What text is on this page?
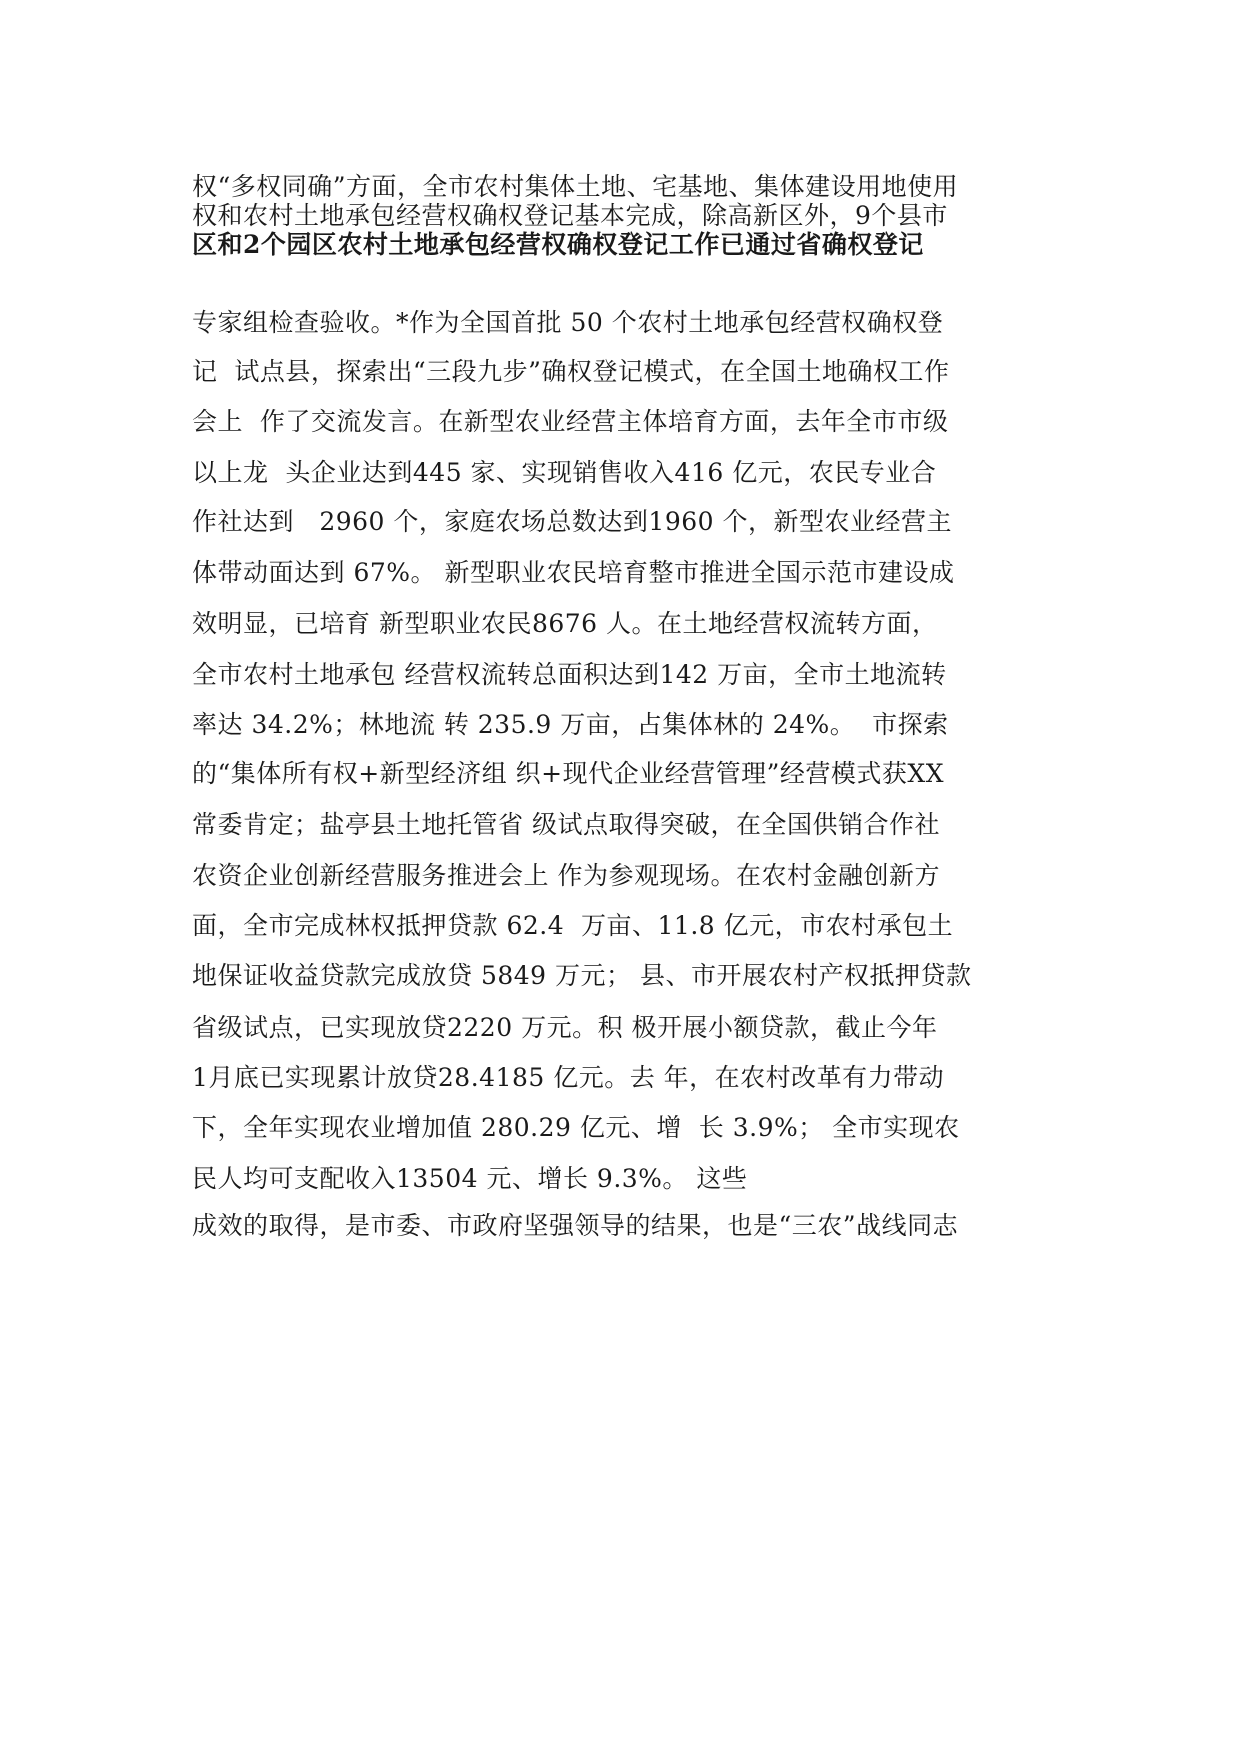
权“多权同确”方面，全市农村集体土地、宅基地、集体建设用地使用
权和农村土地承包经营权确权登记基本完成，除高新区外，9个县市
区和2个园区农村土地承包经营权确权登记工作已通过省确权登记
专家组检查验收。*作为全国首批 50 个农村土地承包经营权确权登
记  试点县，探索出“三段九步”确权登记模式，在全国土地确权工作
会上  作了交流发言。在新型农业经营主体培育方面，去年全市市级
以上龙  头企业达到445 家、实现销售收入416 亿元，农民专业合
作社达到   2960 个，家庭农场总数达到1960 个，新型农业经营主
体带动面达到 67%。 新型职业农民培育整市推进全国示范市建设成
效明显，已培育 新型职业农民8676 人。在土地经营权流转方面，
全市农村土地承包 经营权流转总面积达到142 万亩，全市土地流转
率达 34.2%；林地流 转 235.9 万亩，占集体林的 24%。  市探索
的“集体所有权+新型经济组 织+现代企业经营管理”经营模式获XX
常委肯定；盐亭县土地托管省 级试点取得突破，在全国供销合作社
农资企业创新经营服务推进会上 作为参观现场。在农村金融创新方
面，全市完成林权抵押贷款 62.4  万亩、11.8 亿元，市农村承包土
地保证收益贷款完成放贷 5849 万元； 县、市开展农村产权抵押贷款
省级试点，已实现放贷2220 万元。积 极开展小额贷款，截止今年
1月底已实现累计放贷28.4185 亿元。去 年，在农村改革有力带动
下，全年实现农业增加值 280.29 亿元、增  长 3.9%； 全市实现农
民人均可支配收入13504 元、增长 9.3%。 这些
成效的取得，是市委、市政府坚强领导的结果，也是“三农”战线同志
